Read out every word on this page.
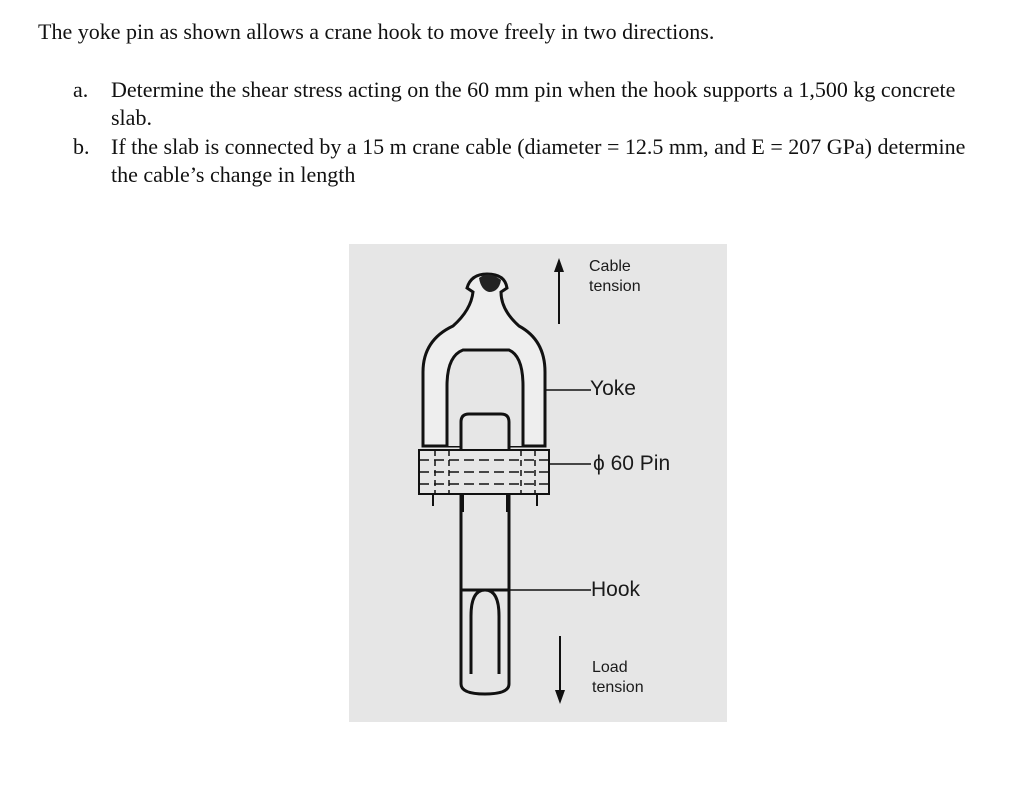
The yoke pin as shown allows a crane hook to move freely in two directions.
a. Determine the shear stress acting on the 60 mm pin when the hook supports a 1,500 kg concrete slab.
b. If the slab is connected by a 15 m crane cable (diameter = 12.5 mm, and E = 207 GPa) determine the cable’s change in length
Cable
tension
Yoke
ϕ 60 Pin
Hook
Load
tension
